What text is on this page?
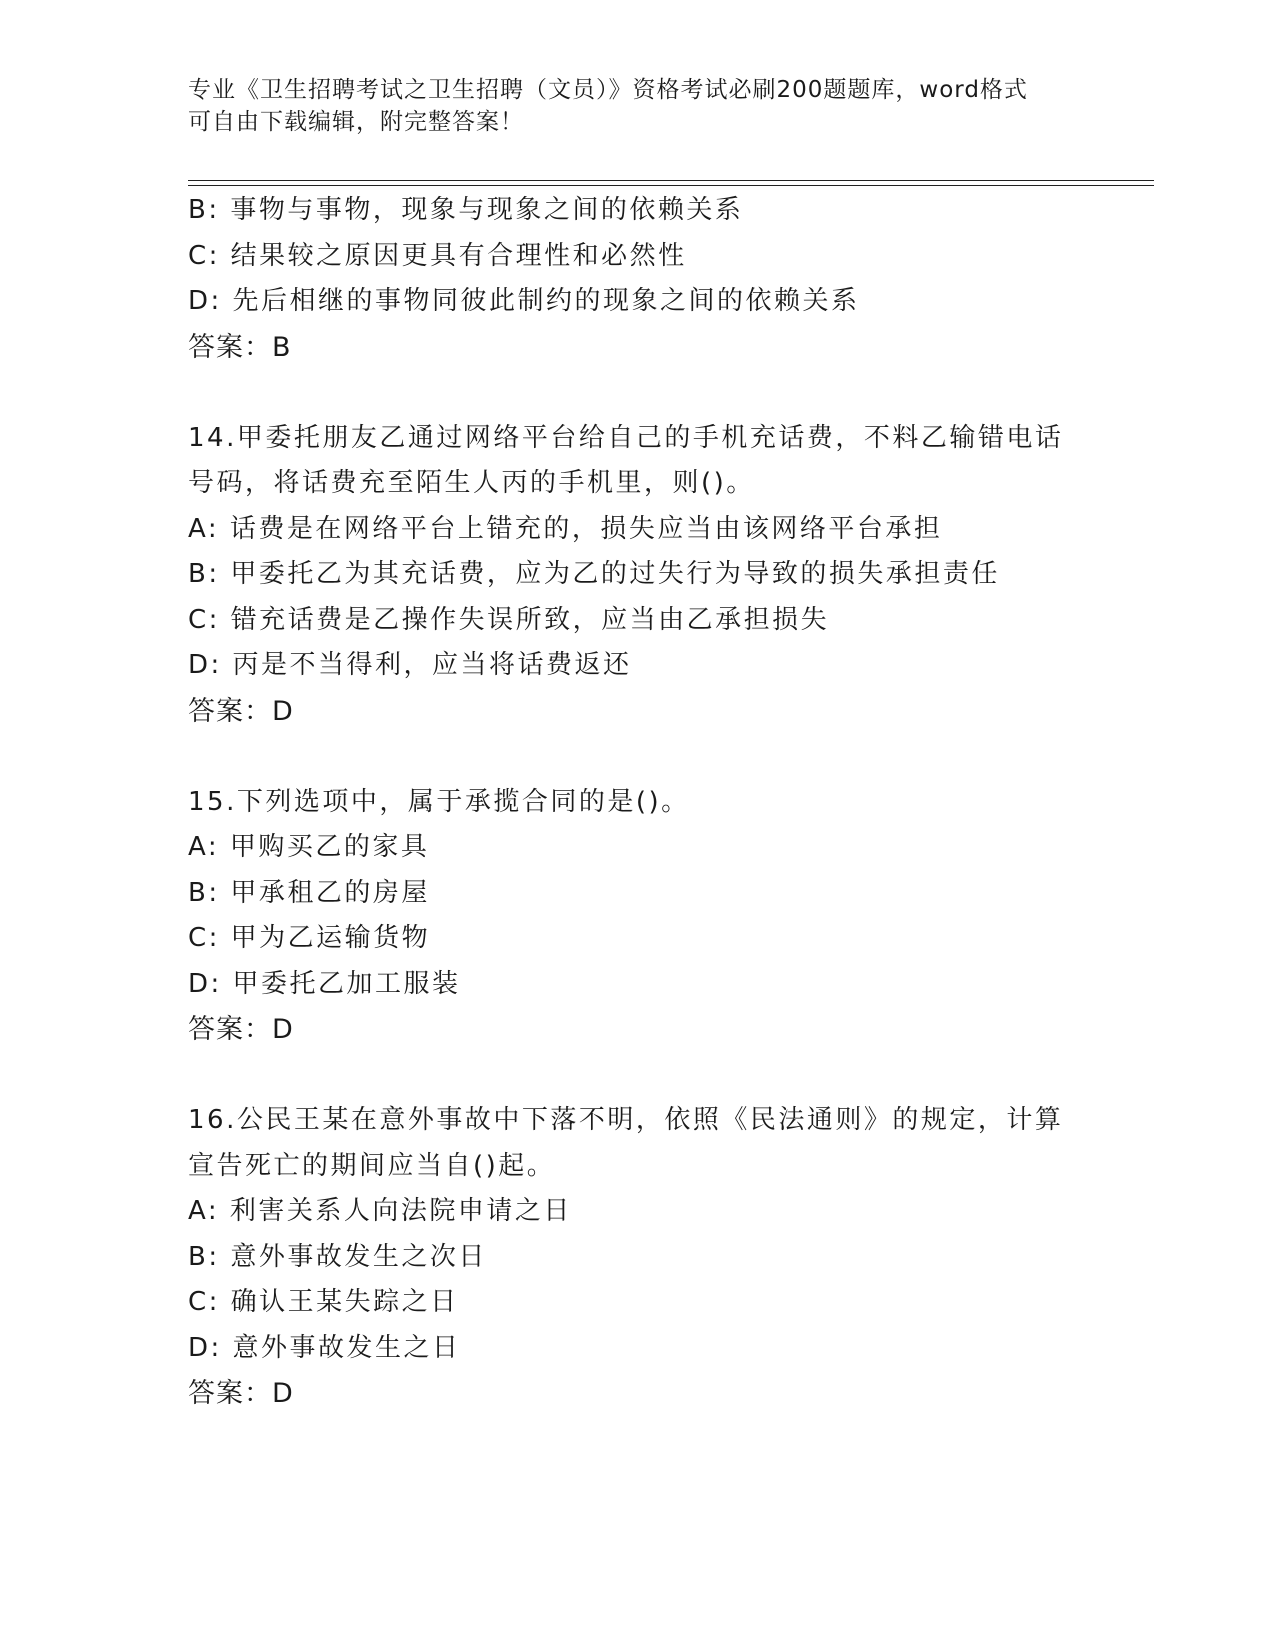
专业《卫生招聘考试之卫生招聘（文员）》资格考试必刷200题题库，word格式

可自由下载编辑，附完整答案！

B: 事物与事物，现象与现象之间的依赖关系
C: 结果较之原因更具有合理性和必然性
D: 先后相继的事物同彼此制约的现象之间的依赖关系
答案：B
14.甲委托朋友乙通过网络平台给自己的手机充话费，不料乙输错电话
号码，将话费充至陌生人丙的手机里，则()。
A: 话费是在网络平台上错充的，损失应当由该网络平台承担
B: 甲委托乙为其充话费，应为乙的过失行为导致的损失承担责任
C: 错充话费是乙操作失误所致，应当由乙承担损失
D: 丙是不当得利，应当将话费返还
答案：D
15.下列选项中，属于承揽合同的是()。
A: 甲购买乙的家具
B: 甲承租乙的房屋
C: 甲为乙运输货物
D: 甲委托乙加工服装
答案：D
16.公民王某在意外事故中下落不明，依照《民法通则》的规定，计算
宣告死亡的期间应当自()起。
A: 利害关系人向法院申请之日
B: 意外事故发生之次日
C: 确认王某失踪之日
D: 意外事故发生之日
答案：D
